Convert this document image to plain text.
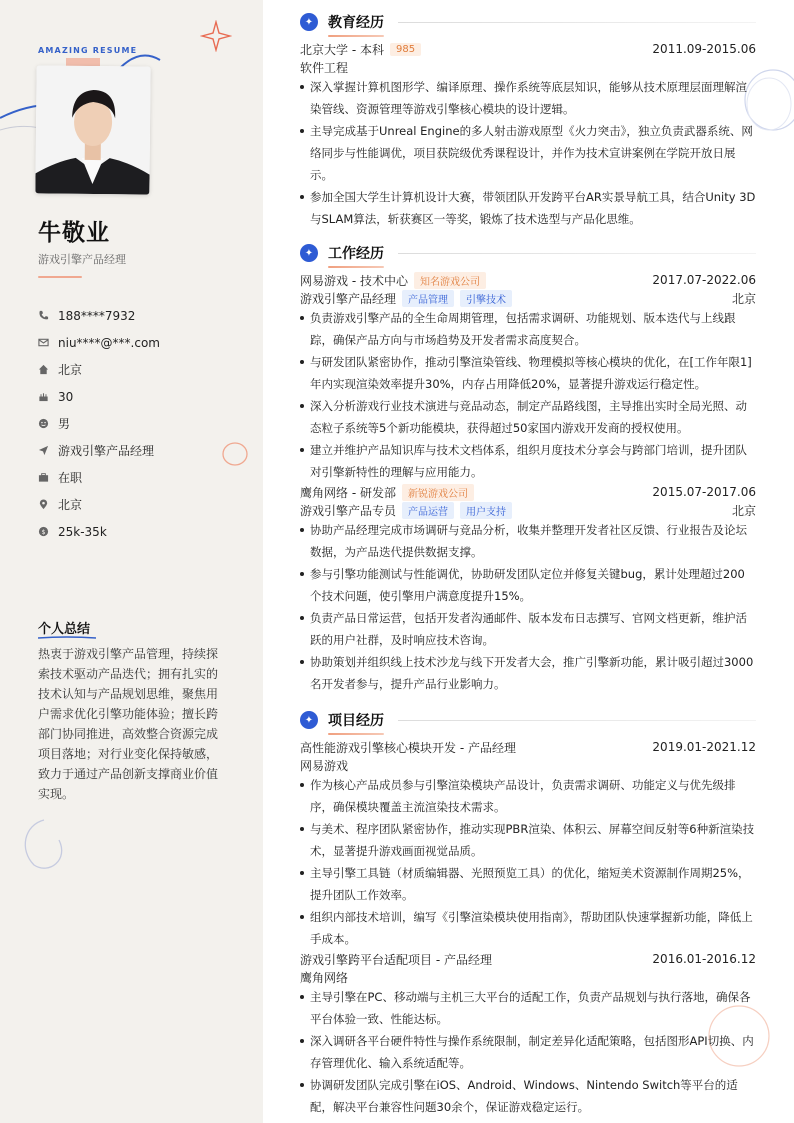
AMAZING RESUME
牛敬业
游戏引擎产品经理
188****7932
niu****@***.com
北京
30
男
游戏引擎产品经理
在职
北京
$ 25k-35k
个人总结
热衷于游戏引擎产品管理，持续探索技术驱动产品迭代；拥有扎实的技术认知与产品规划思维，聚焦用户需求优化引擎功能体验；擅长跨部门协同推进，高效整合资源完成项目落地；对行业变化保持敏感，致力于通过产品创新支撑商业价值实现。
✦	教育经历
北京大学 - 本科	985	2011.09-2015.06
软件工程
深入掌握计算机图形学、编译原理、操作系统等底层知识，能够从技术原理层面理解渲染管线、资源管理等游戏引擎核心模块的设计逻辑。
主导完成基于Unreal Engine的多人射击游戏原型《火力突击》，独立负责武器系统、网络同步与性能调优，项目获院级优秀课程设计，并作为技术宣讲案例在学院开放日展示。
参加全国大学生计算机设计大赛，带领团队开发跨平台AR实景导航工具，结合Unity 3D与SLAM算法，斩获赛区一等奖，锻炼了技术选型与产品化思维。
✦	工作经历
网易游戏 - 技术中心	知名游戏公司	2017.07-2022.06
游戏引擎产品经理	产品管理	引擎技术	北京
负责游戏引擎产品的全生命周期管理，包括需求调研、功能规划、版本迭代与上线跟踪，确保产品方向与市场趋势及开发者需求高度契合。
与研发团队紧密协作，推动引擎渲染管线、物理模拟等核心模块的优化，在[工作年限1]年内实现渲染效率提升30%，内存占用降低20%，显著提升游戏运行稳定性。
深入分析游戏行业技术演进与竞品动态，制定产品路线图，主导推出实时全局光照、动态粒子系统等5个新功能模块，获得超过50家国内游戏开发商的授权使用。
建立并维护产品知识库与技术文档体系，组织月度技术分享会与跨部门培训，提升团队对引擎新特性的理解与应用能力。
鹰角网络 - 研发部	新锐游戏公司	2015.07-2017.06
游戏引擎产品专员	产品运营	用户支持	北京
协助产品经理完成市场调研与竞品分析，收集并整理开发者社区反馈、行业报告及论坛数据，为产品迭代提供数据支撑。
参与引擎功能测试与性能调优，协助研发团队定位并修复关键bug，累计处理超过200个技术问题，使引擎用户满意度提升15%。
负责产品日常运营，包括开发者沟通邮件、版本发布日志撰写、官网文档更新，维护活跃的用户社群，及时响应技术咨询。
协助策划并组织线上技术沙龙与线下开发者大会，推广引擎新功能，累计吸引超过3000名开发者参与，提升产品行业影响力。
✦	项目经历
高性能游戏引擎核心模块开发 - 产品经理	2019.01-2021.12
网易游戏
作为核心产品成员参与引擎渲染模块产品设计，负责需求调研、功能定义与优先级排序，确保模块覆盖主流渲染技术需求。
与美术、程序团队紧密协作，推动实现PBR渲染、体积云、屏幕空间反射等6种新渲染技术，显著提升游戏画面视觉品质。
主导引擎工具链（材质编辑器、光照预览工具）的优化，缩短美术资源制作周期25%，提升团队工作效率。
组织内部技术培训，编写《引擎渲染模块使用指南》，帮助团队快速掌握新功能，降低上手成本。
游戏引擎跨平台适配项目 - 产品经理	2016.01-2016.12
鹰角网络
主导引擎在PC、移动端与主机三大平台的适配工作，负责产品规划与执行落地，确保各平台体验一致、性能达标。
深入调研各平台硬件特性与操作系统限制，制定差异化适配策略，包括图形API切换、内存管理优化、输入系统适配等。
协调研发团队完成引擎在iOS、Android、Windows、Nintendo Switch等平台的适配，解决平台兼容性问题30余个，保证游戏稳定运行。
